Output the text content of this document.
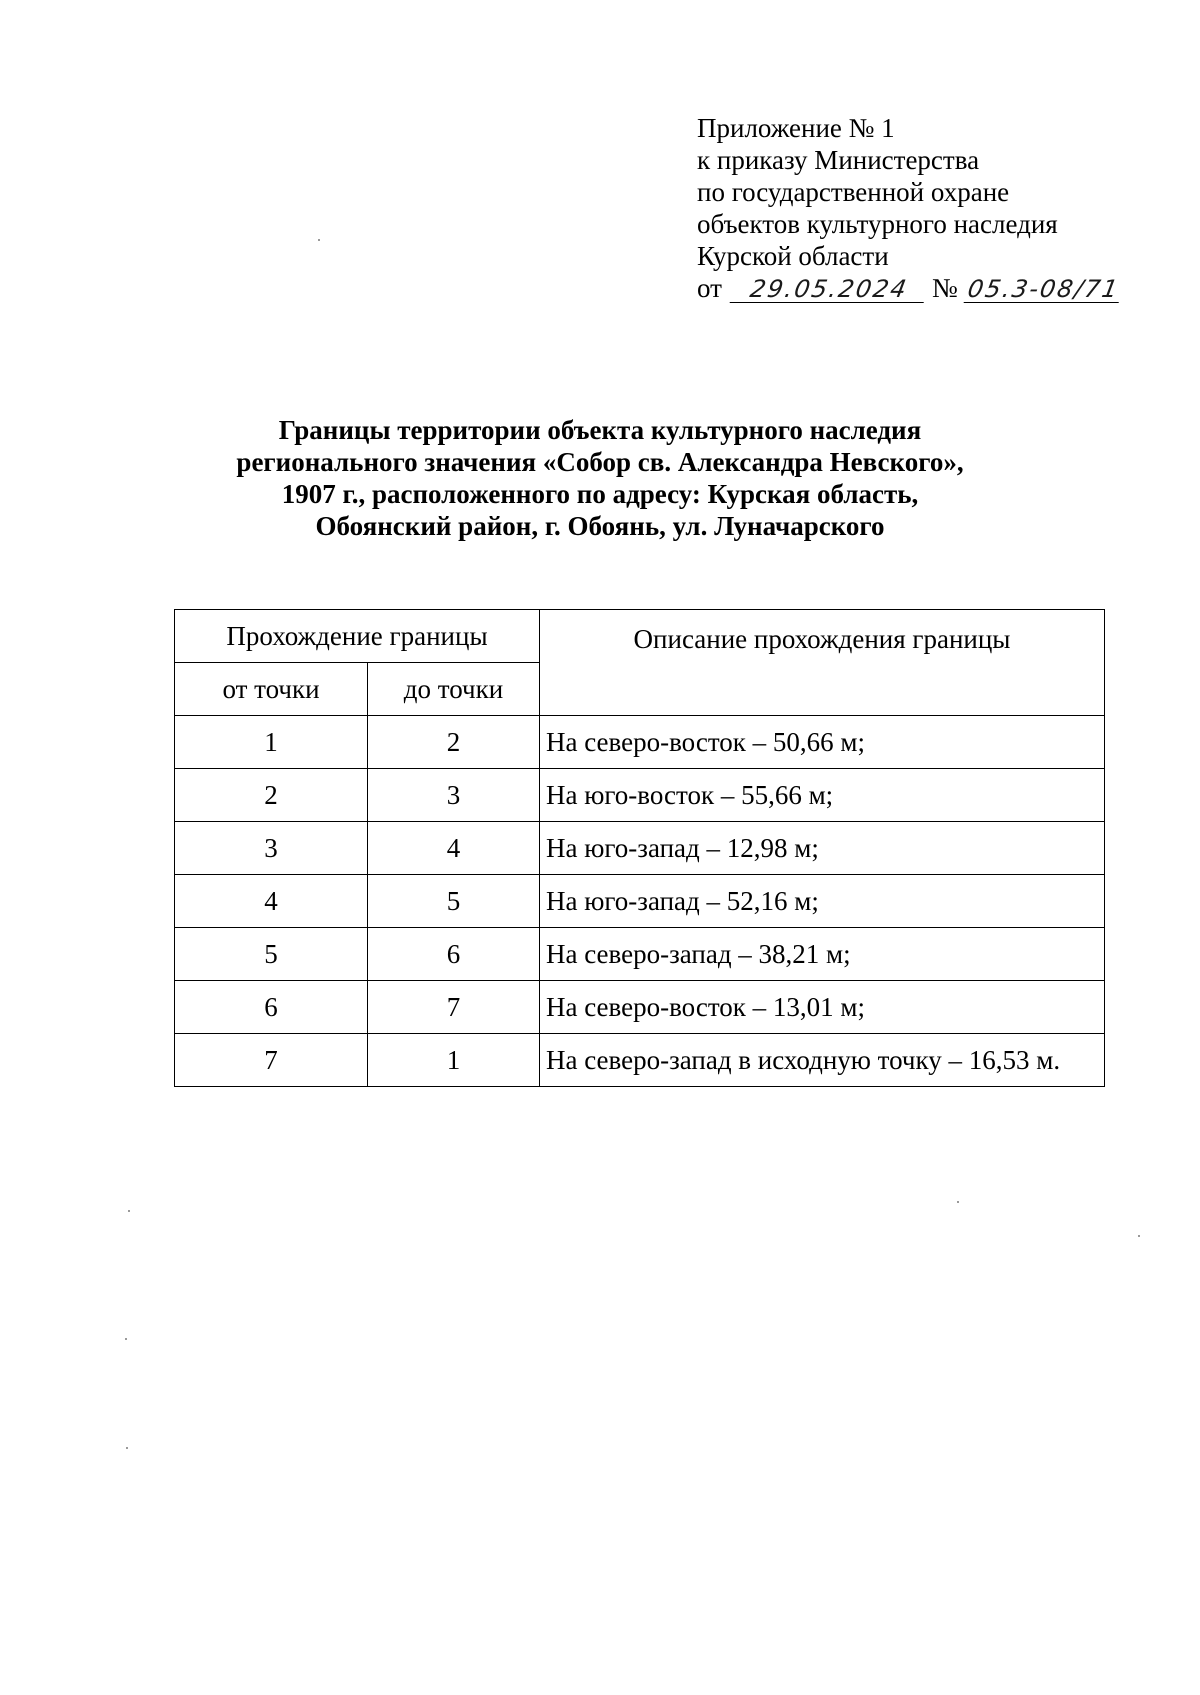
Приложение № 1
к приказу Министерства
по государственной охране
объектов культурного наследия
Курской области
от 29.05.2024 № 05.3-08/71
Границы территории объекта культурного наследия
регионального значения «Собор св. Александра Невского»,
1907 г., расположенного по адресу: Курская область,
Обоянский район, г. Обоянь, ул. Луначарского
Прохождение границы		Описание прохождения границы
от точки	до точки	
1	2	На северо-восток – 50,66 м;
2	3	На юго-восток – 55,66 м;
3	4	На юго-запад – 12,98 м;
4	5	На юго-запад – 52,16 м;
5	6	На северо-запад – 38,21 м;
6	7	На северо-восток – 13,01 м;
7	1	На северо-запад в исходную точку – 16,53 м.
